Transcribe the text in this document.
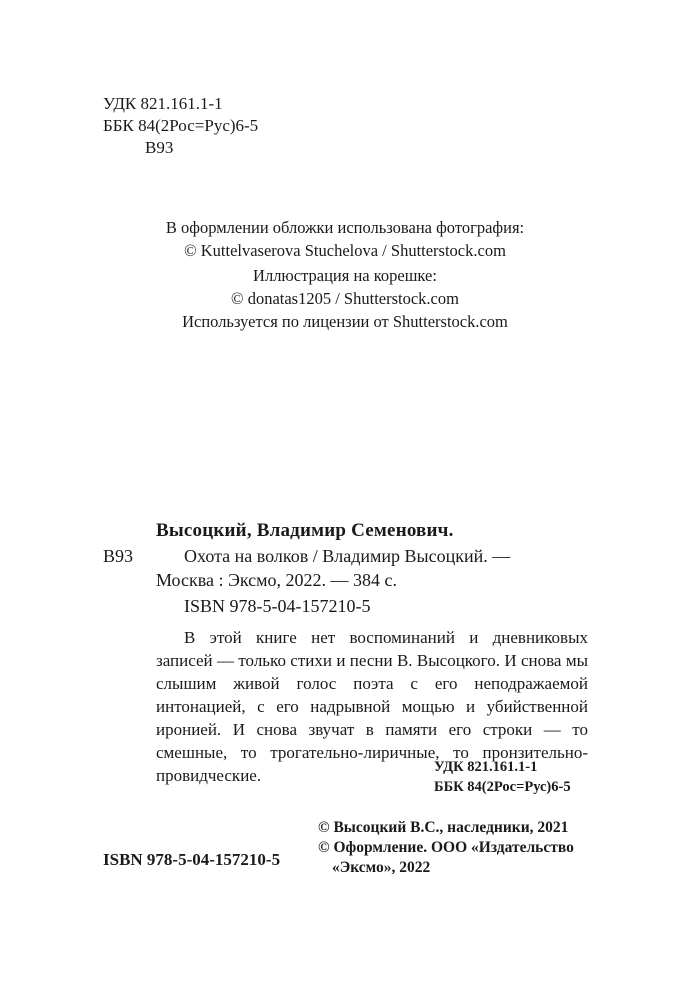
УДК 821.161.1-1
ББК 84(2Рос=Рус)6-5
В93
В оформлении обложки использована фотография:
© Kuttelvaserova Stuchelova / Shutterstock.com
Иллюстрация на корешке:
© donatas1205 / Shutterstock.com
Используется по лицензии от Shutterstock.com
Высоцкий, Владимир Семенович.
В93	Охота на волков / Владимир Высоцкий. —
Москва : Эксмо, 2022. — 384 с.
ISBN 978-5-04-157210-5

В этой книге нет воспоминаний и дневниковых записей — только стихи и песни В. Высоцкого. И снова мы слышим живой голос поэта с его неподражаемой интонацией, с его надрывной мощью и убийственной иронией. И снова звучат в памяти его строки — то смешные, то трогательно-лиричные, то пронзительно-провидческие.	УДК 821.161.1-1
ББК 84(2Рос=Рус)6-5
© Высоцкий В.С., наследники, 2021
© Оформление. ООО «Издательство
«Эксмо», 2022
ISBN 978-5-04-157210-5
